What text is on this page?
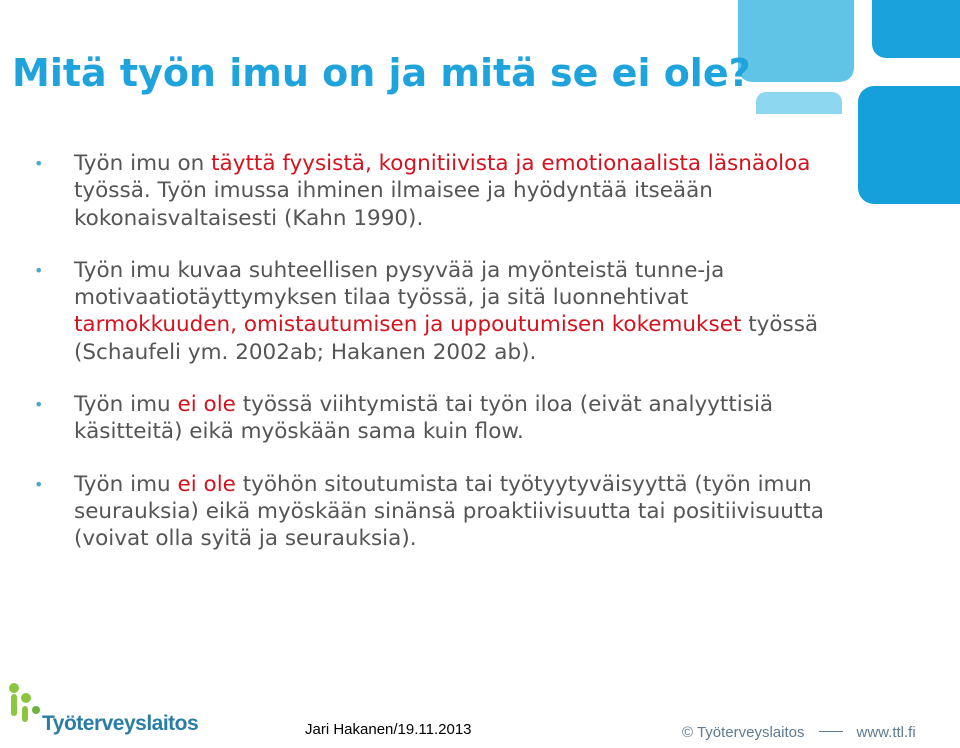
Mitä työn imu on ja mitä se ei ole?
• Työn imu on täyttä fyysistä, kognitiivista ja emotionaalista läsnäoloa työssä. Työn imussa ihminen ilmaisee ja hyödyntää itseään kokonaisvaltaisesti (Kahn 1990).
• Työn imu kuvaa suhteellisen pysyvää ja myönteistä tunne-ja motivaatiotäyttymyksen tilaa työssä, ja sitä luonnehtivat tarmokkuuden, omistautumisen ja uppoutumisen kokemukset työssä (Schaufeli ym. 2002ab; Hakanen 2002 ab).
• Työn imu ei ole työssä viihtymistä tai työn iloa (eivät analyyttisiä käsitteitä) eikä myöskään sama kuin flow.
• Työn imu ei ole työhön sitoutumista tai työtyytyväisyyttä (työn imun seurauksia) eikä myöskään sinänsä proaktiivisuutta tai positiivisuutta (voivat olla syitä ja seurauksia).
Työterveyslaitos	Jari Hakanen/19.11.2013	© Työterveyslaitos	www.ttl.fi
